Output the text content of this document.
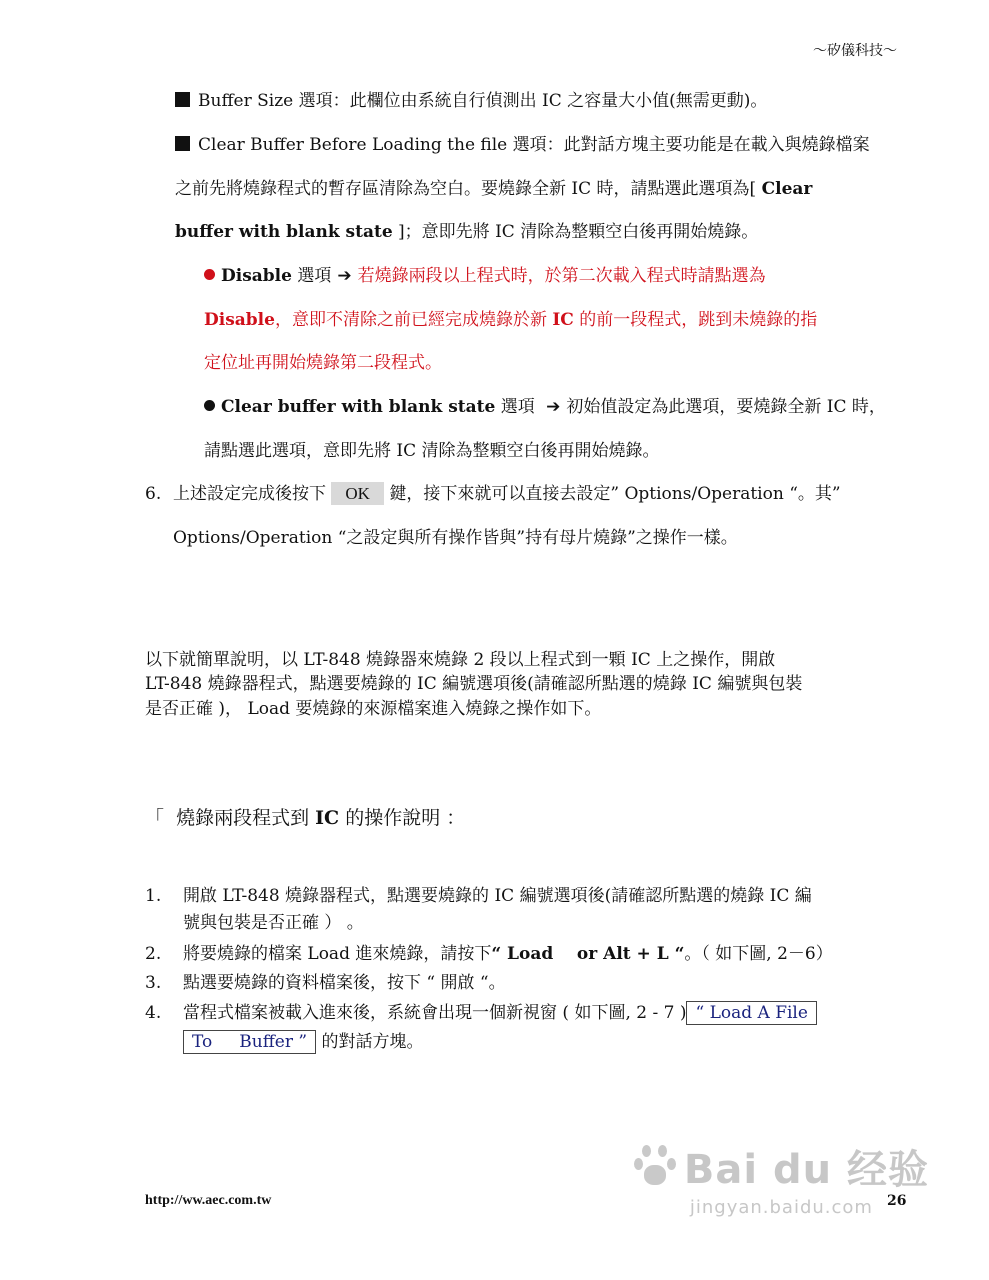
～矽儀科技～
Buffer Size 選項：此欄位由系統自行偵測出 IC 之容量大小值(無需更動)。
Clear Buffer Before Loading the file 選項：此對話方塊主要功能是在載入與燒錄檔案
之前先將燒錄程式的暫存區清除為空白。要燒錄全新 IC 時，請點選此選項為[ Clear
buffer with blank state ]；意即先將 IC 清除為整顆空白後再開始燒錄。
Disable 選項 ➔ 若燒錄兩段以上程式時，於第二次載入程式時請點選為
Disable，意即不清除之前已經完成燒錄於新 IC 的前一段程式，跳到未燒錄的指
定位址再開始燒錄第二段程式。
Clear buffer with blank state 選項 ➔ 初始值設定為此選項，要燒錄全新 IC 時，
請點選此選項，意即先將 IC 清除為整顆空白後再開始燒錄。
6. 上述設定完成後按下 OK 鍵，接下來就可以直接去設定” Options/Operation “。其”
Options/Operation “之設定與所有操作皆與”持有母片燒錄”之操作一樣。
以下就簡單說明，以 LT-848 燒錄器來燒錄 2 段以上程式到一顆 IC 上之操作，開啟
LT-848 燒錄器程式，點選要燒錄的 IC 編號選項後(請確認所點選的燒錄 IC 編號與包裝
是否正確 )， Load 要燒錄的來源檔案進入燒錄之操作如下。
「 燒錄兩段程式到 IC 的操作說明 ：
1. 開啟 LT-848 燒錄器程式，點選要燒錄的 IC 編號選項後(請確認所點選的燒錄 IC 編
號與包裝是否正確 ） 。
2. 將要燒錄的檔案 Load 進來燒錄，請按下“ Load    or Alt + L “。（ 如下圖, 2－6）
3. 點選要燒錄的資料檔案後，按下 “ 開啟 “。
4. 當程式檔案被載入進來後，系統會出現一個新視窗 ( 如下圖, 2 - 7 ) “ Load A File
To     Buffer ” 的對話方塊。
Bai du 经验
jingyan.baidu.com
http://ww.aec.com.tw	26
